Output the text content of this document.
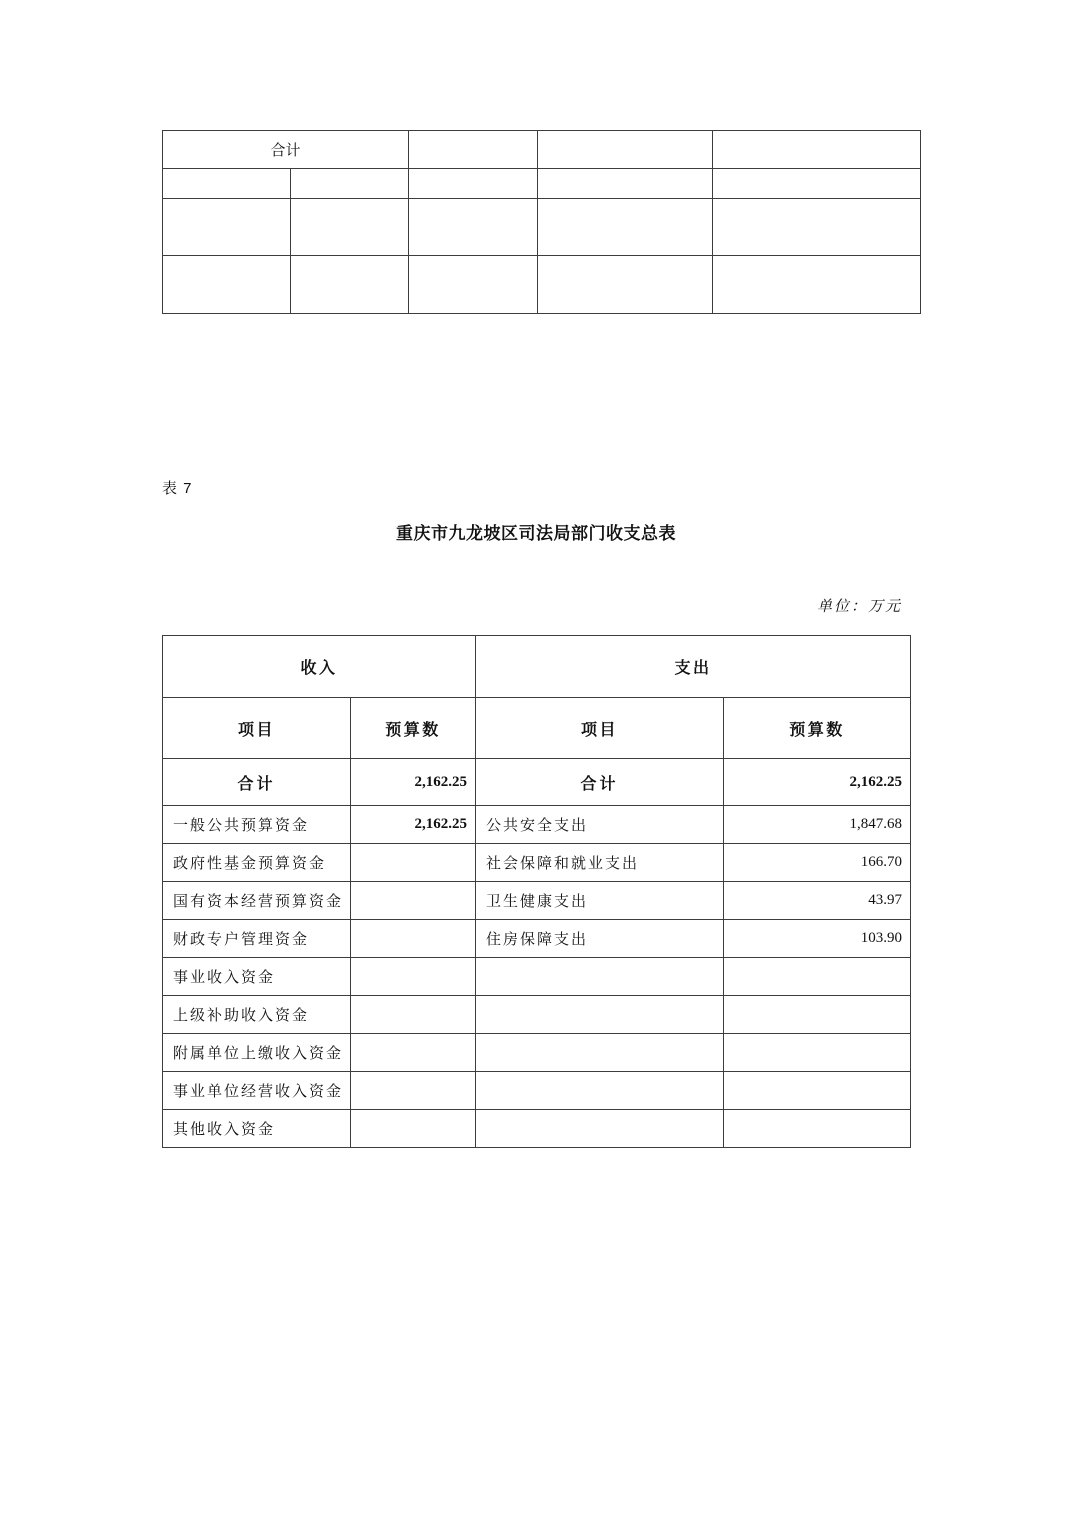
合计				

表 7
重庆市九龙坡区司法局部门收支总表
单位：万元
收入		支出	
项目	预算数	项目	预算数
合计	2,162.25	合计	2,162.25
一般公共预算资金	2,162.25	公共安全支出	1,847.68
政府性基金预算资金		社会保障和就业支出	166.70
国有资本经营预算资金		卫生健康支出	43.97
财政专户管理资金		住房保障支出	103.90
事业收入资金			
上级补助收入资金			
附属单位上缴收入资金			
事业单位经营收入资金			
其他收入资金			
